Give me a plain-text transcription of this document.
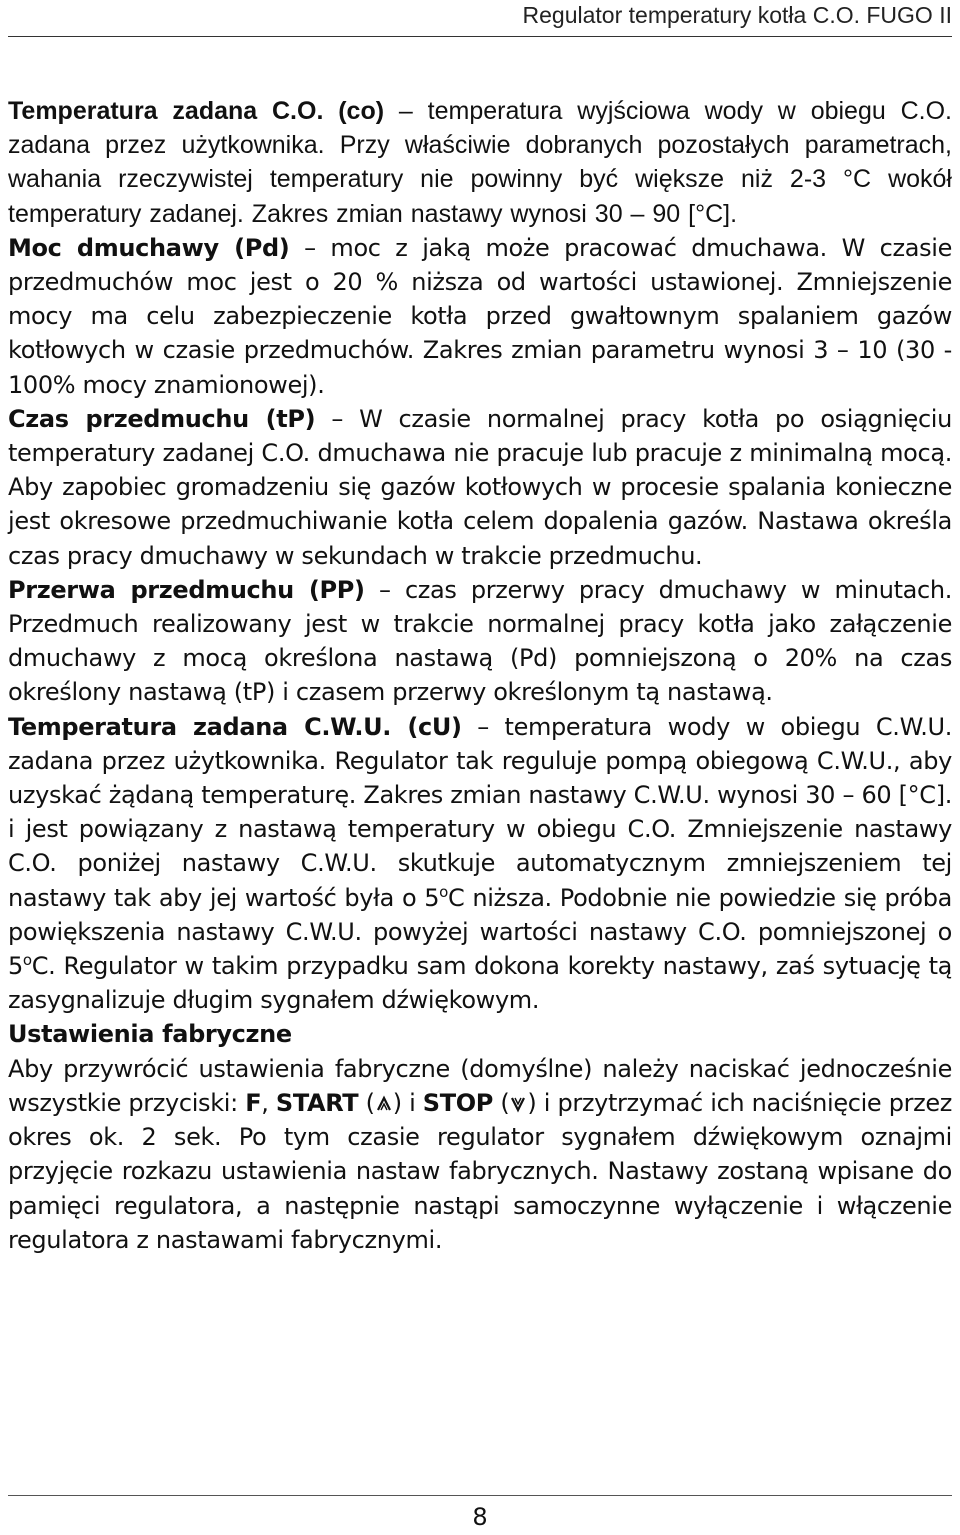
Regulator temperatury kotła C.O. FUGO II

Temperatura zadana C.O. (co) – temperatura wyjściowa wody w obiegu C.O. zadana przez użytkownika. Przy właściwie dobranych pozostałych parametrach, wahania rzeczywistej temperatury nie powinny być większe niż 2-3 °C wokół temperatury zadanej. Zakres zmian nastawy wynosi 30 – 90 [°C].

Moc dmuchawy (Pd) – moc z jaką może pracować dmuchawa. W czasie przedmuchów moc jest o 20 % niższa od wartości ustawionej. Zmniejszenie mocy ma celu zabezpieczenie kotła przed gwałtownym spalaniem gazów kotłowych w czasie przedmuchów. Zakres zmian parametru wynosi 3 – 10 (30 - 100% mocy znamionowej).

Czas przedmuchu (tP) – W czasie normalnej pracy kotła po osiągnięciu temperatury zadanej C.O. dmuchawa nie pracuje lub pracuje z minimalną mocą. Aby zapobiec gromadzeniu się gazów kotłowych w procesie spalania konieczne jest okresowe przedmuchiwanie kotła celem dopalenia gazów. Nastawa określa czas pracy dmuchawy w sekundach w trakcie przedmuchu.

Przerwa przedmuchu (PP) – czas przerwy pracy dmuchawy w minutach. Przedmuch realizowany jest w trakcie normalnej pracy kotła jako załączenie dmuchawy z mocą określona nastawą (Pd) pomniejszoną o 20% na czas określony nastawą (tP) i czasem przerwy określonym tą nastawą.

Temperatura zadana C.W.U. (cU) – temperatura wody w obiegu C.W.U. zadana przez użytkownika. Regulator tak reguluje pompą obiegową C.W.U., aby uzyskać żądaną temperaturę. Zakres zmian nastawy C.W.U. wynosi 30 – 60 [°C]. i jest powiązany z nastawą temperatury w obiegu C.O. Zmniejszenie nastawy C.O. poniżej nastawy C.W.U. skutkuje automatycznym zmniejszeniem tej nastawy tak aby jej wartość była o 5$^o$C niższa. Podobnie nie powiedzie się próba powiększenia nastawy C.W.U. powyżej wartości nastawy C.O. pomniejszonej o 5$^o$C. Regulator w takim przypadku sam dokona korekty nastawy, zaś sytuację tą zasygnalizuje długim sygnałem dźwiękowym.

Ustawienia fabryczne

Aby przywrócić ustawienia fabryczne (domyślne) należy naciskać jednocześnie wszystkie przyciski: F, START ( ) i STOP ( ) i przytrzymać ich naciśnięcie przez okres ok. 2 sek. Po tym czasie regulator sygnałem dźwiękowym oznajmi przyjęcie rozkazu ustawienia nastaw fabrycznych. Nastawy zostaną wpisane do pamięci regulatora, a następnie nastąpi samoczynne wyłączenie i włączenie regulatora z nastawami fabrycznymi.

8
